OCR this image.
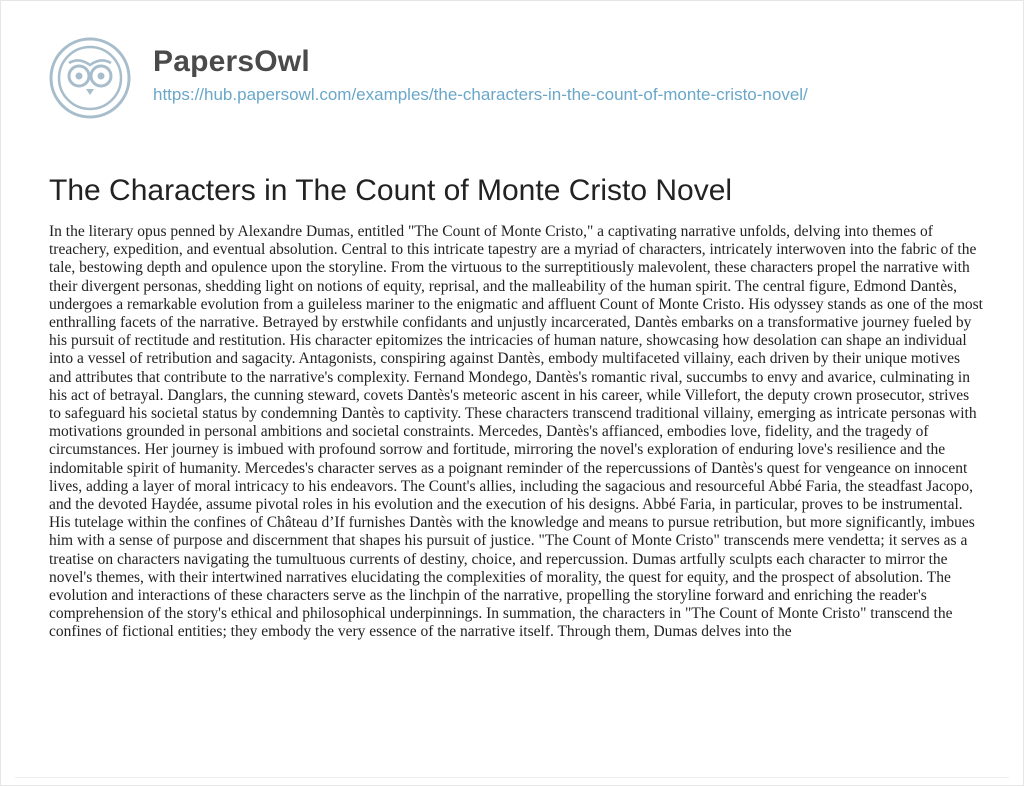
PapersOwl
https://hub.papersowl.com/examples/the-characters-in-the-count-of-monte-cristo-novel/
The Characters in The Count of Monte Cristo Novel

In the literary opus penned by Alexandre Dumas, entitled "The Count of Monte Cristo," a captivating narrative unfolds, delving into themes of treachery, expedition, and eventual absolution. Central to this intricate tapestry are a myriad of characters, intricately interwoven into the fabric of the tale, bestowing depth and opulence upon the storyline. From the virtuous to the surreptitiously malevolent, these characters propel the narrative with their divergent personas, shedding light on notions of equity, reprisal, and the malleability of the human spirit. The central figure, Edmond Dantès, undergoes a remarkable evolution from a guileless mariner to the enigmatic and affluent Count of Monte Cristo. His odyssey stands as one of the most enthralling facets of the narrative. Betrayed by erstwhile confidants and unjustly incarcerated, Dantès embarks on a transformative journey fueled by his pursuit of rectitude and restitution. His character epitomizes the intricacies of human nature, showcasing how desolation can shape an individual into a vessel of retribution and sagacity. Antagonists, conspiring against Dantès, embody multifaceted villainy, each driven by their unique motives and attributes that contribute to the narrative's complexity. Fernand Mondego, Dantès's romantic rival, succumbs to envy and avarice, culminating in his act of betrayal. Danglars, the cunning steward, covets Dantès's meteoric ascent in his career, while Villefort, the deputy crown prosecutor, strives to safeguard his societal status by condemning Dantès to captivity. These characters transcend traditional villainy, emerging as intricate personas with motivations grounded in personal ambitions and societal constraints. Mercedes, Dantès's affianced, embodies love, fidelity, and the tragedy of circumstances. Her journey is imbued with profound sorrow and fortitude, mirroring the novel's exploration of enduring love's resilience and the indomitable spirit of humanity. Mercedes's character serves as a poignant reminder of the repercussions of Dantès's quest for vengeance on innocent lives, adding a layer of moral intricacy to his endeavors. The Count's allies, including the sagacious and resourceful Abbé Faria, the steadfast Jacopo, and the devoted Haydée, assume pivotal roles in his evolution and the execution of his designs. Abbé Faria, in particular, proves to be instrumental. His tutelage within the confines of Château d’If furnishes Dantès with the knowledge and means to pursue retribution, but more significantly, imbues him with a sense of purpose and discernment that shapes his pursuit of justice. "The Count of Monte Cristo" transcends mere vendetta; it serves as a treatise on characters navigating the tumultuous currents of destiny, choice, and repercussion. Dumas artfully sculpts each character to mirror the novel's themes, with their intertwined narratives elucidating the complexities of morality, the quest for equity, and the prospect of absolution. The evolution and interactions of these characters serve as the linchpin of the narrative, propelling the storyline forward and enriching the reader's comprehension of the story's ethical and philosophical underpinnings. In summation, the characters in "The Count of Monte Cristo" transcend the confines of fictional entities; they embody the very essence of the narrative itself. Through them, Dumas delves into the
